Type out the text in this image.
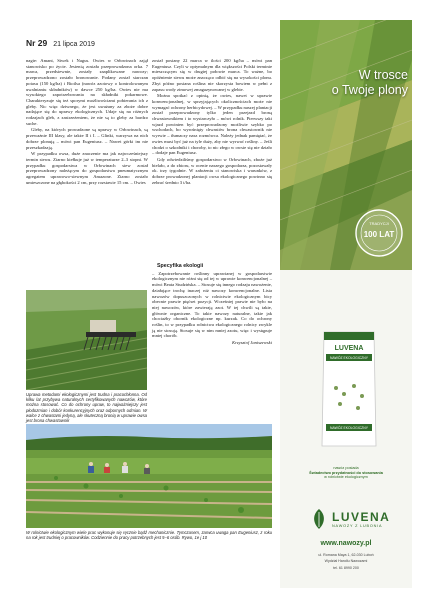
Nr 29 21 lipca 2019

nagie: Amant, Siwek i Nagus. Owies w Orłowinach zajął stanowisko po życie. Jesienią została przeprowadzona orka. 7 marca, przedsiewnie, zostały zaaplikowane nawozy; przeprowadzono zostało bronowanie. Podany został siarczan potasu (150 kg/ha) i Bioilsa (nawóz azotowy o kontrolowanym uwalnianiu składników) w dawce 250 kg/ha. Owies nie ma wysokiego zapotrzebowania na składniki pokarmowe. Charakteryzuje się też sporymi możliwościami pobierania ich z gleby. Nic więc dziwnego, że jest uważany za zboże dobre nadające się do uprawy ekologicznych. Udaje się na różnych rodzajach gleb, z zastrzeżeniem, że nie są to gleby za bardzo suche.

Gleby, na których prowadzone są uprawy w Orłowinach, są przeważnie III klasy, ale także II i I. – Glinki, warzywa na nich dobrze plonują – mówi pan Eugeniusz. – Nawet górki im nie przeszkadzają.

W przypadku owsa, duże znaczenie ma jak najwcześniejszy termin siewu. Ziarno kiełkuje już w temperaturze 2–3 stopni. W przypadku gospodarstwa w Orłowinach siew został przeprowadzony należącym do gospodarstwa pneumatycznym agregatem uprawowo-siewnym Amazone. Ziarno zostało umieszczone na głębokości 2 cm, przy rozstawie 15 cm. – Owies

został posiany 22 marca w ilości 200 kg/ha – mówi pan Eugeniusz. Czyli w optymalnym dla większości Polski terminie mieszczącym się w drugiej połowie marca. To ważne, bo opóźnienie siewu może znacząco odbić się na wysokości plonu. Zbyt późno posiana roślina nie skorzysta bowiem w pełni z zapasu wody zimowej zmagazynowanej w glebie.

Można spotkać z opinią, że owies, nawet w uprawie konwencjonalnej, w sprzyjających okolicznościach może nie wymagać ochrony herbicydowej. – W przypadku naszej plantacji został przeprowadzony tylko jeden przejazd broną chwastownikiem i to wystarczyło – mówi rolnik. Pierwszy taki wjazd powinien być przeprowadzony możliwie szybko po wschodach, bo wyrośnięty chwastów brona chwastownik nie wyrwie – tłumaczy nasz rozmówca. Należy jednak pamiętać, że owies musi być już na tyle duży, aby nie wyrwać rośliny. – Jeśli chodzi o szkodniki i choroby, to nic złego w owsie się nie działo – dodaje pan Eugeniusz.

Gdy odwiedziliśmy gospodarstwo w Orłowinach, zboże już bielało, a do zbioru, w ocenie naszego gospodarza, pozostawały ok. trzy tygodnie. W założeniu ci stanowiska i warunków, z dobrze prowadzonej plantacji owsa ekologicznego powinno się zebrać średnio 3 t/ha.

Uprawa metodami ekologicznymi jest trudna i pracochłonna. Od kilku lat przybywa naturalnych certyfikowanych nawozów, które można stosować. Co do ochrony upraw, to najważniejszy jest płodozmian i dobór konkurencyjnych oraz odpornych odmian. W walce z chwastami jedyną, ale skuteczną bronią w uprawie owsa jest brona chwastownik

Specyfika ekologii

– Zapotrzebowanie roślinny uprawianej w gospodarstwie ekologicznym nie różni się od tej w uprawie konwencjonalnej – mówi Beata Studzińska. – Stosuje się innego rodzaju nawożenie, działające trochę inaczej niż nawozy konwencjonalne. Lista nawozów dopuszczonych w rolnictwie ekologicznym bicy obecnie prawie pięćset pozycji. Wcześniej prawie nie było na niej nawozów, które zawierają azot. W tej chwili są takie, głównie organiczne. To takie nawozy naturalne, takie jak chociażby obornik ekologiczne np. kurzak. Co do ochrony roślin, to w przypadku rolnictwa ekologicznego rolnicy zwykle ją nie stosują. Stosuje się w nim mniej azotu, więc i występuje mniej chorób.

Krzysztof Janiszewski

W rolnictwie ekologicznym wiele prac wykonuje się ręcznie bądź mechanicznie. Tymczasem, zarwca uwaga pan Eugeniusz, z roku na rok jest trudniej o pracowników. Codziennie do pracy potrzebnych jest 5–6 osób. Rywo, 1e j 10
W trosce
o Twoje plony
TRADYCJI
100 LAT
LUVENA
NAWÓZ EKOLOGICZNY
NAWÓZ EKOLOGICZNY
nawóz posiada
Świadectwo przydatności do stosowania
w rolnictwie ekologicznym
LUVENA
NAWOZY Z LUBONIA
www.nawozy.pl
ul. Romana Maya 1, 62-030 Luboń
Wydział Handlu Nawozami
tel. 61 8990 200
